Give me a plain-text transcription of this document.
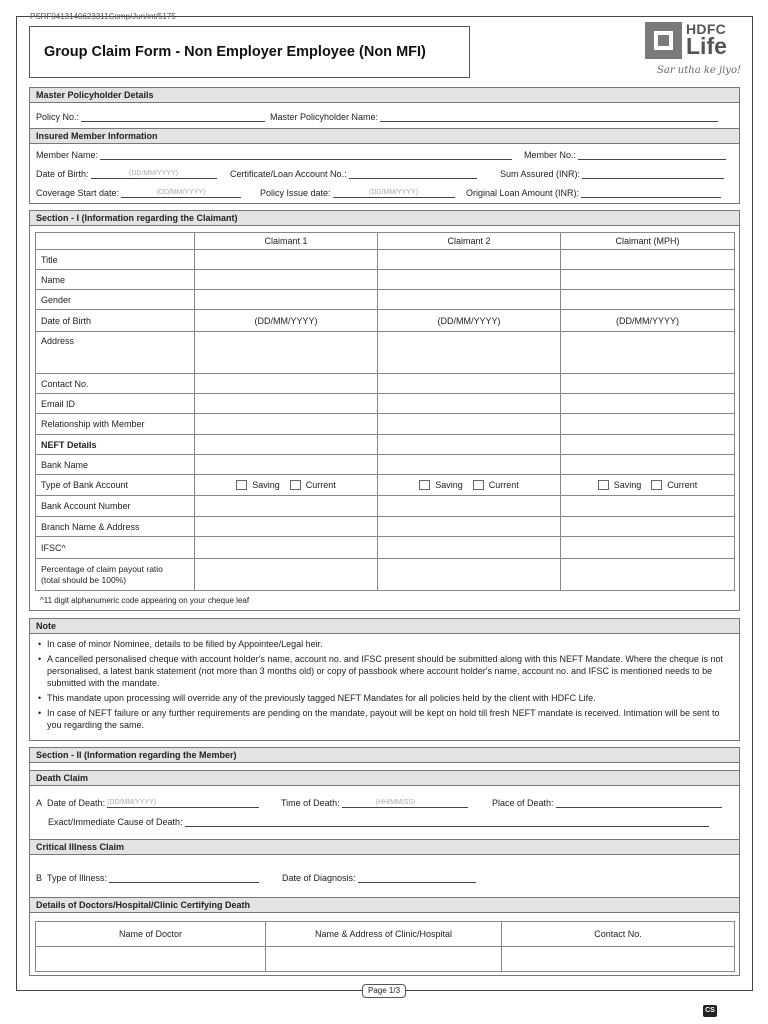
PSRF0413140623311Comp/Jun/int/5175
Group Claim Form - Non Employer Employee (Non MFI)
HDFC
Life
Sar utha ke jiyo!
Master Policyholder Details
Policy No.:	Master Policyholder Name:
Insured Member Information
Member Name:	Member No.:
Date of Birth:	(DD/MM/YYYY)	Certificate/Loan Account No.:	Sum Assured (INR):
Coverage Start date:	(DD/MM/YYYY)	Policy Issue date:	(DD/MM/YYYY)	Original Loan Amount (INR):
Section - I (Information regarding the Claimant)
	Claimant 1	Claimant 2	Claimant (MPH)
Title			
Name			
Gender			
Date of Birth	(DD/MM/YYYY)	(DD/MM/YYYY)	(DD/MM/YYYY)
Address			
Contact No.			
Email ID			
Relationship with Member			
NEFT Details			
Bank Name			
Type of Bank Account	Saving Current	Saving Current	Saving Current

Bank Account Number			
Branch Name & Address			
IFSC^			

Percentage of claim payout ratio
(total should be 100%)			

^11 digit alphanumeric code appearing on your cheque leaf
Note
• In case of minor Nominee, details to be filled by Appointee/Legal heir.
• A cancelled personalised cheque with account holder's name, account no. and IFSC present should be submitted along with this NEFT Mandate. Where the cheque is not personalised, a latest bank statement (not more than 3 months old) or copy of passbook where account holder's name, account no. and IFSC is mentioned needs to be submitted with the mandate.
• This mandate upon processing will override any of the previously tagged NEFT Mandates for all policies held by the client with HDFC Life.
• In case of NEFT failure or any further requirements are pending on the mandate, payout will be kept on hold till fresh NEFT mandate is received. Intimation will be sent to you regarding the same.
Section - II (Information regarding the Member)
Death Claim
A Date of Death: (DD/MM/YYYY)	Time of Death:	(HH/MM/SS)	Place of Death:
Exact/Immediate Cause of Death:
Critical Illness Claim
B Type of Illness:	Date of Diagnosis:
Details of Doctors/Hospital/Clinic Certifying Death
Name of Doctor	Name & Address of Clinic/Hospital	Contact No.

Page 1/3
CS
